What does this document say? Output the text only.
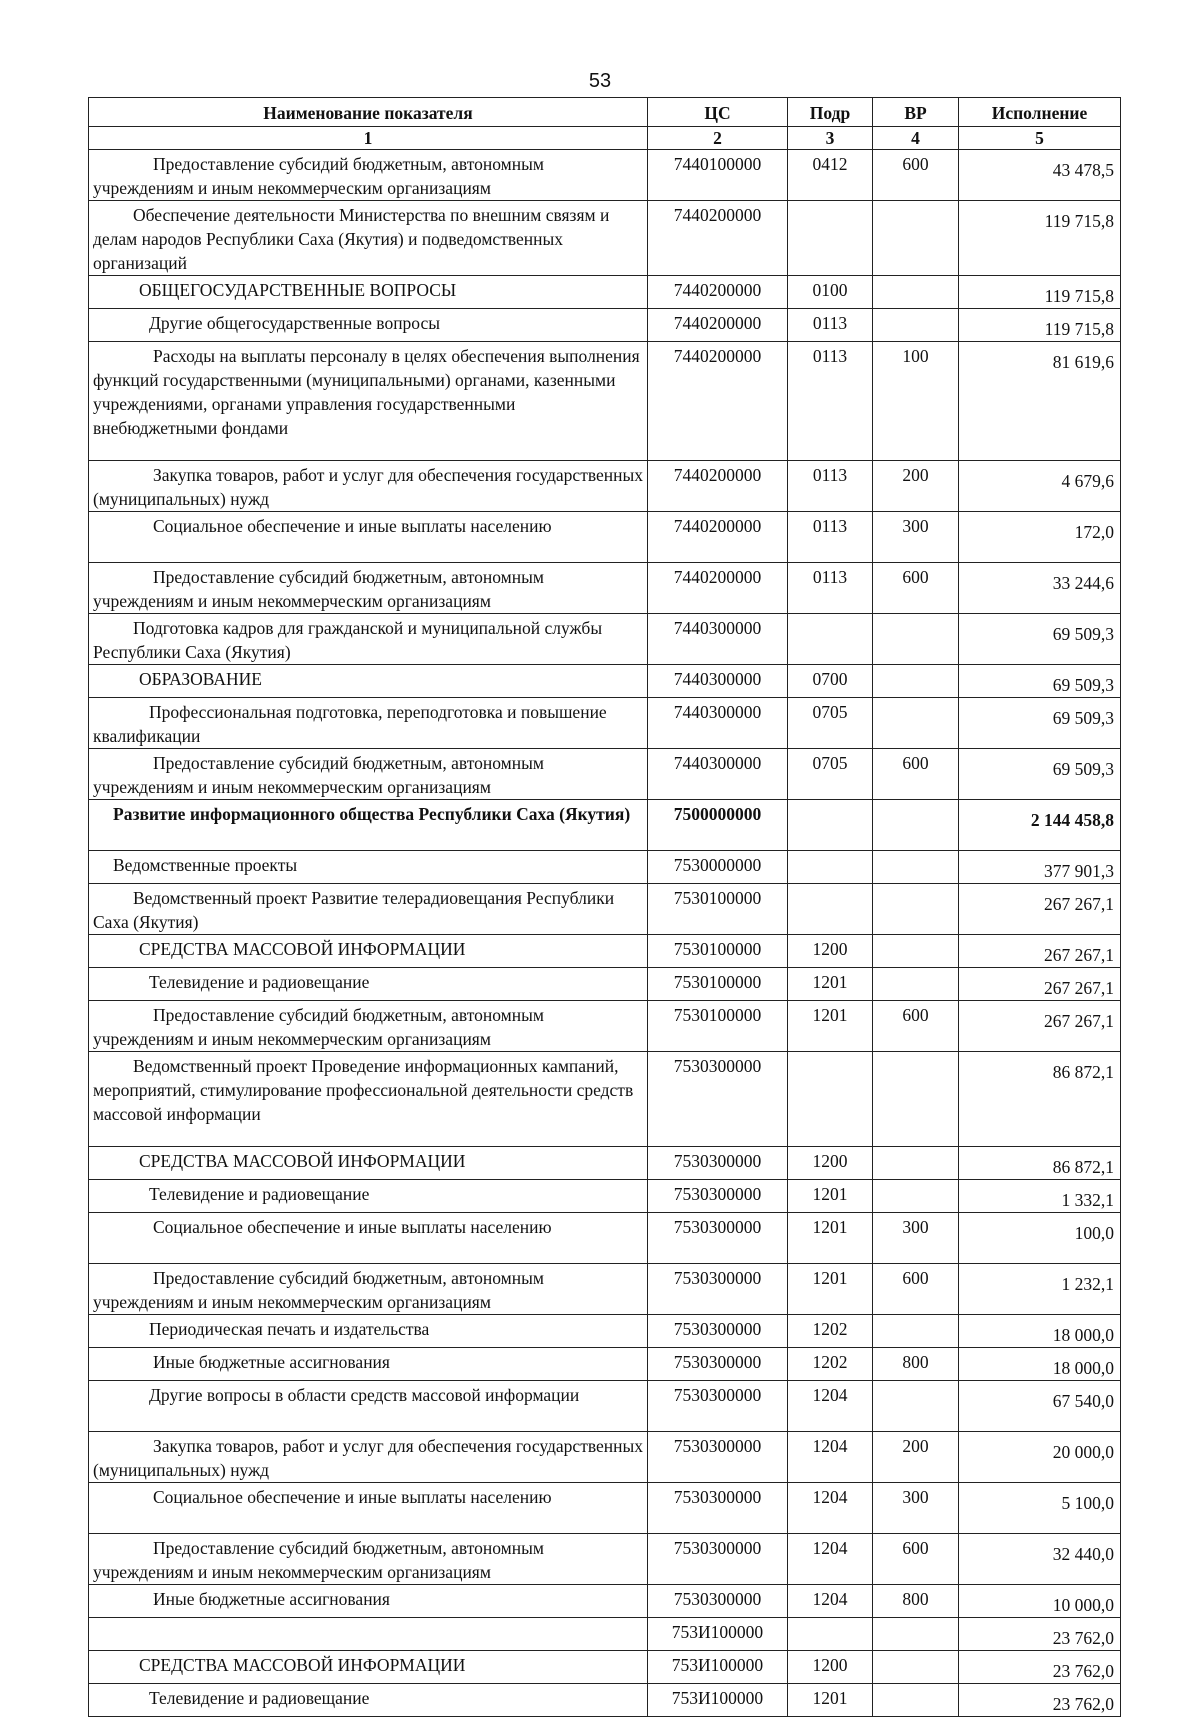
53
Наименование показателя	ЦС	Подр	ВР	Исполнение
1	2	3	4	5
Предоставление субсидий бюджетным, автономным учреждениям и иным некоммерческим организациям	7440100000	0412	600	43 478,5
Обеспечение деятельности Министерства по внешним связям и делам народов Республики Саха (Якутия) и подведомственных организаций	7440200000			119 715,8
ОБЩЕГОСУДАРСТВЕННЫЕ ВОПРОСЫ	7440200000	0100		119 715,8
Другие общегосударственные вопросы	7440200000	0113		119 715,8
Расходы на выплаты персоналу в целях обеспечения выполнения функций государственными (муниципальными) органами, казенными учреждениями, органами управления государственными внебюджетными фондами	7440200000	0113	100	81 619,6
Закупка товаров, работ и услуг для обеспечения государственных (муниципальных) нужд	7440200000	0113	200	4 679,6
Социальное обеспечение и иные выплаты населению	7440200000	0113	300	172,0
Предоставление субсидий бюджетным, автономным учреждениям и иным некоммерческим организациям	7440200000	0113	600	33 244,6
Подготовка кадров для гражданской и муниципальной службы Республики Саха (Якутия)	7440300000			69 509,3
ОБРАЗОВАНИЕ	7440300000	0700		69 509,3
Профессиональная подготовка, переподготовка и повышение квалификации	7440300000	0705		69 509,3
Предоставление субсидий бюджетным, автономным учреждениям и иным некоммерческим организациям	7440300000	0705	600	69 509,3
Развитие информационного общества Республики Саха (Якутия)	7500000000			2 144 458,8
Ведомственные проекты	7530000000			377 901,3
Ведомственный проект Развитие телерадиовещания Республики Саха (Якутия)	7530100000			267 267,1
СРЕДСТВА МАССОВОЙ ИНФОРМАЦИИ	7530100000	1200		267 267,1
Телевидение и радиовещание	7530100000	1201		267 267,1
Предоставление субсидий бюджетным, автономным учреждениям и иным некоммерческим организациям	7530100000	1201	600	267 267,1
Ведомственный проект Проведение информационных кампаний, мероприятий, стимулирование профессиональной деятельности средств массовой информации	7530300000			86 872,1
СРЕДСТВА МАССОВОЙ ИНФОРМАЦИИ	7530300000	1200		86 872,1
Телевидение и радиовещание	7530300000	1201		1 332,1
Социальное обеспечение и иные выплаты населению	7530300000	1201	300	100,0
Предоставление субсидий бюджетным, автономным учреждениям и иным некоммерческим организациям	7530300000	1201	600	1 232,1
Периодическая печать и издательства	7530300000	1202		18 000,0
Иные бюджетные ассигнования	7530300000	1202	800	18 000,0
Другие вопросы в области средств массовой информации	7530300000	1204		67 540,0
Закупка товаров, работ и услуг для обеспечения государственных (муниципальных) нужд	7530300000	1204	200	20 000,0
Социальное обеспечение и иные выплаты населению	7530300000	1204	300	5 100,0
Предоставление субсидий бюджетным, автономным учреждениям и иным некоммерческим организациям	7530300000	1204	600	32 440,0
Иные бюджетные ассигнования	7530300000	1204	800	10 000,0
	753И100000			23 762,0
СРЕДСТВА МАССОВОЙ ИНФОРМАЦИИ	753И100000	1200		23 762,0
Телевидение и радиовещание	753И100000	1201		23 762,0
